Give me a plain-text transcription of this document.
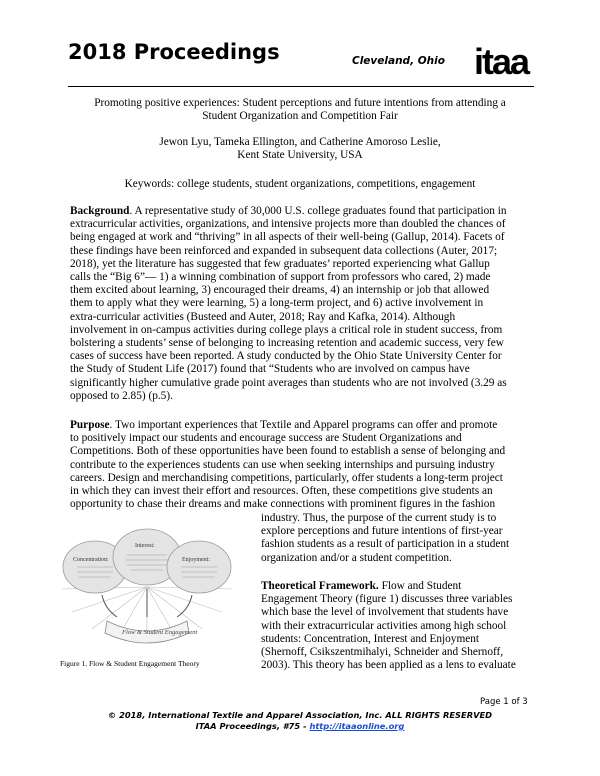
2018 Proceedings	Cleveland, Ohio itaa
Promoting positive experiences: Student perceptions and future intentions from attending a
Student Organization and Competition Fair
Jewon Lyu, Tameka Ellington, and Catherine Amoroso Leslie,
Kent State University, USA
Keywords: college students, student organizations, competitions, engagement
Background. A representative study of 30,000 U.S. college graduates found that participation in
extracurricular activities, organizations, and intensive projects more than doubled the chances of
being engaged at work and “thriving” in all aspects of their well-being (Gallup, 2014). Facets of
these findings have been reinforced and expanded in subsequent data collections (Auter, 2017;
2018), yet the literature has suggested that few graduates’ reported experiencing what Gallup
calls the “Big 6”— 1) a winning combination of support from professors who cared, 2) made
them excited about learning, 3) encouraged their dreams, 4) an internship or job that allowed
them to apply what they were learning, 5) a long-term project, and 6) active involvement in
extra-curricular activities (Busteed and Auter, 2018; Ray and Kafka, 2014). Although
involvement in on-campus activities during college plays a critical role in student success, from
bolstering a students’ sense of belonging to increasing retention and academic success, very few
cases of success have been reported. A study conducted by the Ohio State University Center for
the Study of Student Life (2017) found that “Students who are involved on campus have
significantly higher cumulative grade point averages than students who are not involved (3.29 as
opposed to 2.85) (p.5).
Purpose. Two important experiences that Textile and Apparel programs can offer and promote
to positively impact our students and encourage success are Student Organizations and
Competitions. Both of these opportunities have been found to establish a sense of belonging and
contribute to the experiences students can use when seeking internships and pursuing industry
careers. Design and merchandising competitions, particularly, offer students a long-term project
in which they can invest their effort and resources. Often, these competitions give students an
opportunity to chase their dreams and make connections with prominent figures in the fashion
industry. Thus, the purpose of the current study is to
explore perceptions and future intentions of first-year
fashion students as a result of participation in a student
organization and/or a student competition.
Theoretical Framework. Flow and Student
Engagement Theory (figure 1) discusses three variables
which base the level of involvement that students have
with their extracurricular activities among high school
students: Concentration, Interest and Enjoyment
(Shernoff, Csikszentmihalyi, Schneider and Shernoff,
2003). This theory has been applied as a lens to evaluate
Concentration:
Interest:
Enjoyment:
Flow & Student Engagement
Figure 1. Flow & Student Engagement Theory
Page 1 of 3
© 2018, International Textile and Apparel Association, Inc. ALL RIGHTS RESERVED
ITAA Proceedings, #75 - http://itaaonline.org
